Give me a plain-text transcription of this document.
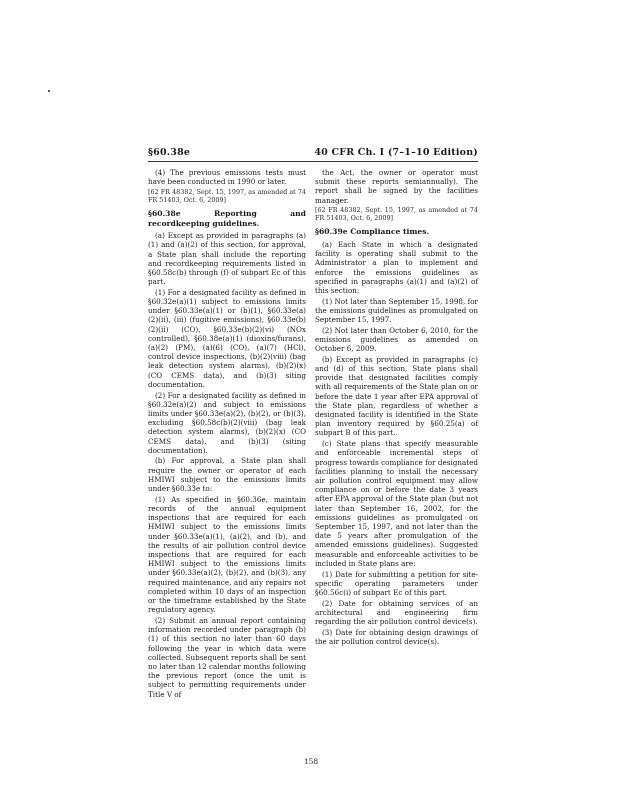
§60.38e	40 CFR Ch. I (7–1–10 Edition)

(4) The previous emissions tests must have been conducted in 1990 or later.

[62 FR 48382, Sept. 15, 1997, as amended at 74 FR 51403, Oct. 6, 2009]

§60.38e Reporting and recordkeeping guidelines.

(a) Except as provided in paragraphs (a)(1) and (a)(2) of this section, for approval, a State plan shall include the reporting and recordkeeping requirements listed in §60.58c(b) through (f) of subpart Ec of this part.

(1) For a designated facility as defined in §60.32e(a)(1) subject to emissions limits under §60.33e(a)(1) or (b)(1), §60.33e(a)(2)(ii), (iii) (fugitive emissions), §60.33e(b)(2)(ii) (CO), §60.33e(b)(2)(vi) (NOx controlled), §60.38e(a)(1) (dioxins/furans), (a)(2) (PM), (a)(6) (CO), (a)(7) (HCl), control device inspections, (b)(2)(viii) (bag leak detection system alarms), (b)(2)(x) (CO CEMS data), and (b)(3) siting documentation.

(2) For a designated facility as defined in §60.32e(a)(2) and subject to emissions limits under §60.33e(a)(2), (b)(2), or (b)(3), excluding §60.58c(b)(2)(viii) (bag leak detection system alarms), (b)(2)(x) (CO CEMS data), and (b)(3) (siting documentation).

(b) For approval, a State plan shall require the owner or operator of each HMIWI subject to the emissions limits under §60.33e to:

(1) As specified in §60.36e, maintain records of the annual equipment inspections that are required for each HMIWI subject to the emissions limits under §60.33e(a)(1), (a)(2), and (b), and the results of air pollution control device inspections that are required for each HMIWI subject to the emissions limits under §60.33e(a)(2), (b)(2), and (b)(3), any required maintenance, and any repairs not completed within 10 days of an inspection or the timeframe established by the State regulatory agency.

(2) Submit an annual report containing information recorded under paragraph (b)(1) of this section no later than 60 days following the year in which data were collected. Subsequent reports shall be sent no later than 12 calendar months following the previous report (once the unit is subject to permitting requirements under Title V of

the Act, the owner or operator must submit these reports semiannually). The report shall be signed by the facilities manager.

[62 FR 48382, Sept. 15, 1997, as amended at 74 FR 51403, Oct. 6, 2009]

§60.39e Compliance times.

(a) Each State in which a designated facility is operating shall submit to the Administrator a plan to implement and enforce the emissions guidelines as specified in paragraphs (a)(1) and (a)(2) of this section:

(1) Not later than September 15, 1998, for the emissions guidelines as promulgated on September 15, 1997.

(2) Not later than October 6, 2010, for the emissions guidelines as amended on October 6, 2009.

(b) Except as provided in paragraphs (c) and (d) of this section, State plans shall provide that designated facilities comply with all requirements of the State plan on or before the date 1 year after EPA approval of the State plan, regardless of whether a designated facility is identified in the State plan inventory required by §60.25(a) of subpart B of this part.

(c) State plans that specify measurable and enforceable incremental steps of progress towards compliance for designated facilities planning to install the necessary air pollution control equipment may allow compliance on or before the date 3 years after EPA approval of the State plan (but not later than September 16, 2002, for the emissions guidelines as promulgated on September 15, 1997, and not later than the date 5 years after promulgation of the amended emissions guidelines). Suggested measurable and enforceable activities to be included in State plans are:

(1) Date for submitting a petition for site-specific operating parameters under §60.56c(i) of subpart Ec of this part.

(2) Date for obtaining services of an architectural and engineering firm regarding the air pollution control device(s).

(3) Date for obtaining design drawings of the air pollution control device(s).

158
